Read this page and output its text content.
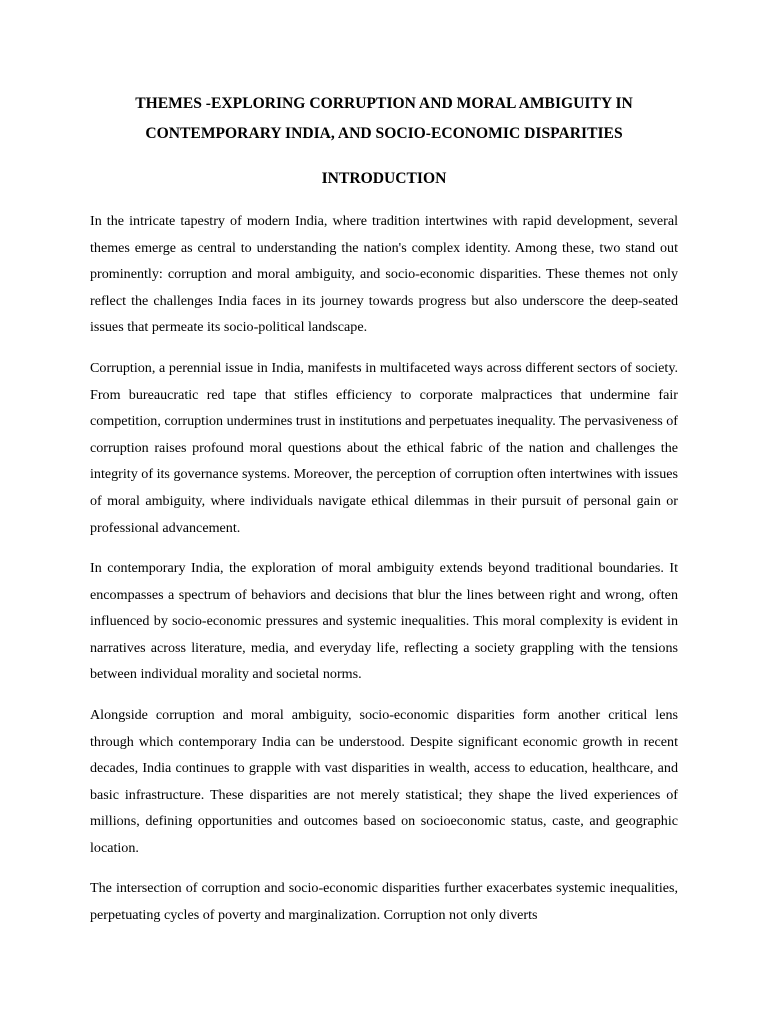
THEMES -EXPLORING CORRUPTION AND MORAL AMBIGUITY IN
CONTEMPORARY INDIA, AND SOCIO-ECONOMIC DISPARITIES
INTRODUCTION

In the intricate tapestry of modern India, where tradition intertwines with rapid development, several themes emerge as central to understanding the nation's complex identity. Among these, two stand out prominently: corruption and moral ambiguity, and socio-economic disparities. These themes not only reflect the challenges India faces in its journey towards progress but also underscore the deep-seated issues that permeate its socio-political landscape.

Corruption, a perennial issue in India, manifests in multifaceted ways across different sectors of society. From bureaucratic red tape that stifles efficiency to corporate malpractices that undermine fair competition, corruption undermines trust in institutions and perpetuates inequality. The pervasiveness of corruption raises profound moral questions about the ethical fabric of the nation and challenges the integrity of its governance systems. Moreover, the perception of corruption often intertwines with issues of moral ambiguity, where individuals navigate ethical dilemmas in their pursuit of personal gain or professional advancement.

In contemporary India, the exploration of moral ambiguity extends beyond traditional boundaries. It encompasses a spectrum of behaviors and decisions that blur the lines between right and wrong, often influenced by socio-economic pressures and systemic inequalities. This moral complexity is evident in narratives across literature, media, and everyday life, reflecting a society grappling with the tensions between individual morality and societal norms.

Alongside corruption and moral ambiguity, socio-economic disparities form another critical lens through which contemporary India can be understood. Despite significant economic growth in recent decades, India continues to grapple with vast disparities in wealth, access to education, healthcare, and basic infrastructure. These disparities are not merely statistical; they shape the lived experiences of millions, defining opportunities and outcomes based on socioeconomic status, caste, and geographic location.

The intersection of corruption and socio-economic disparities further exacerbates systemic inequalities, perpetuating cycles of poverty and marginalization. Corruption not only diverts
